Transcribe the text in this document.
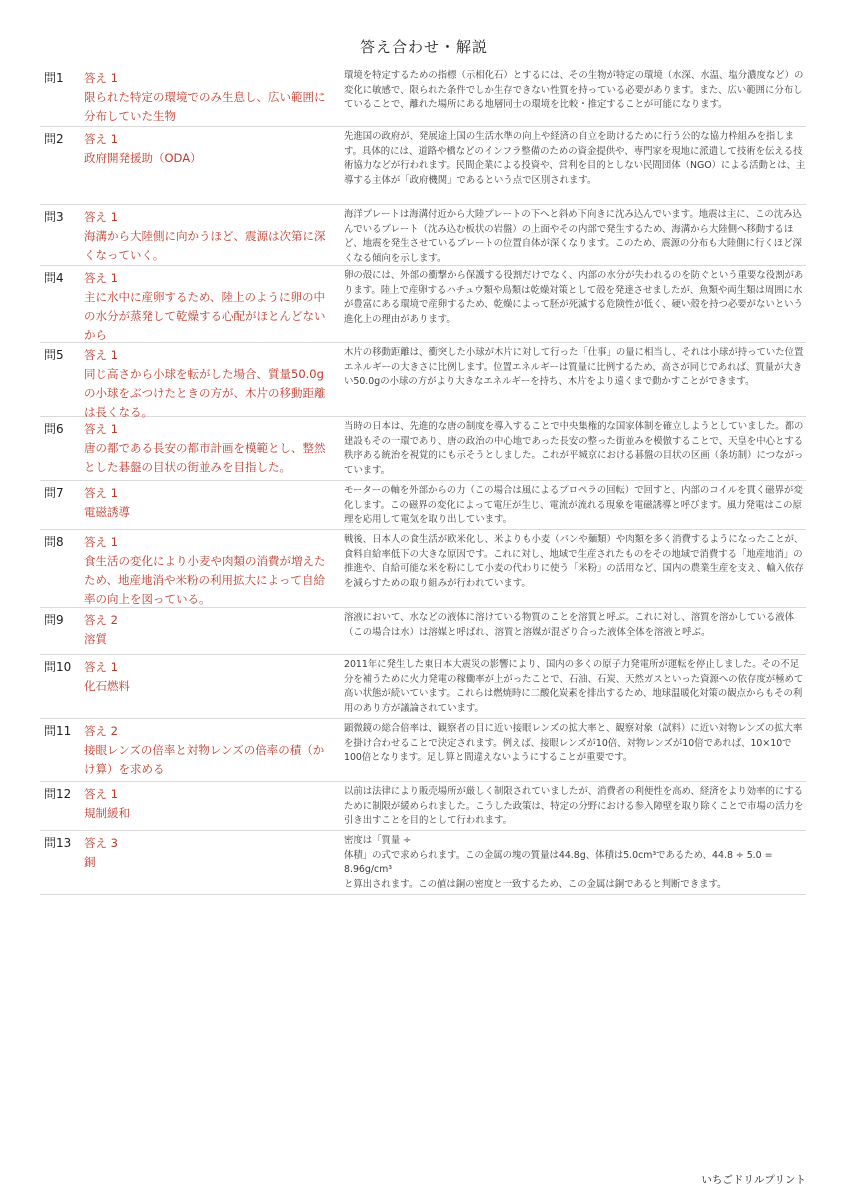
答え合わせ・解説
問1	答え 1
限られた特定の環境でのみ生息し、広い範囲に分布していた生物
環境を特定するための指標（示相化石）とするには、その生物が特定の環境（水深、水温、塩分濃度など）の変化に敏感で、限られた条件でしか生存できない性質を持っている必要があります。また、広い範囲に分布していることで、離れた場所にある地層同士の環境を比較・推定することが可能になります。
問2	答え 1
政府開発援助（ODA）
先進国の政府が、発展途上国の生活水準の向上や経済の自立を助けるために行う公的な協力枠組みを指します。具体的には、道路や橋などのインフラ整備のための資金提供や、専門家を現地に派遣して技術を伝える技術協力などが行われます。民間企業による投資や、営利を目的としない民間団体（NGO）による活動とは、主導する主体が「政府機関」であるという点で区別されます。
問3	答え 1
海溝から大陸側に向かうほど、震源は次第に深くなっていく。
海洋プレートは海溝付近から大陸プレートの下へと斜め下向きに沈み込んでいます。地震は主に、この沈み込んでいるプレート（沈み込む板状の岩盤）の上面やその内部で発生するため、海溝から大陸側へ移動するほど、地震を発生させているプレートの位置自体が深くなります。このため、震源の分布も大陸側に行くほど深くなる傾向を示します。
問4	答え 1
主に水中に産卵するため、陸上のように卵の中の水分が蒸発して乾燥する心配がほとんどないから
卵の殻には、外部の衝撃から保護する役割だけでなく、内部の水分が失われるのを防ぐという重要な役割があります。陸上で産卵するハチュウ類や鳥類は乾燥対策として殻を発達させましたが、魚類や両生類は周囲に水が豊富にある環境で産卵するため、乾燥によって胚が死滅する危険性が低く、硬い殻を持つ必要がないという進化上の理由があります。
問5	答え 1
同じ高さから小球を転がした場合、質量50.0gの小球をぶつけたときの方が、木片の移動距離は長くなる。
木片の移動距離は、衝突した小球が木片に対して行った「仕事」の量に相当し、それは小球が持っていた位置エネルギーの大きさに比例します。位置エネルギーは質量に比例するため、高さが同じであれば、質量が大きい50.0gの小球の方がより大きなエネルギーを持ち、木片をより遠くまで動かすことができます。
問6	答え 1
唐の都である長安の都市計画を模範とし、整然とした碁盤の目状の街並みを目指した。
当時の日本は、先進的な唐の制度を導入することで中央集権的な国家体制を確立しようとしていました。都の建設もその一環であり、唐の政治の中心地であった長安の整った街並みを模倣することで、天皇を中心とする秩序ある統治を視覚的にも示そうとしました。これが平城京における碁盤の目状の区画（条坊制）につながっています。
問7	答え 1
電磁誘導
モーターの軸を外部からの力（この場合は風によるプロペラの回転）で回すと、内部のコイルを貫く磁界が変化します。この磁界の変化によって電圧が生じ、電流が流れる現象を電磁誘導と呼びます。風力発電はこの原理を応用して電気を取り出しています。
問8	答え 1
食生活の変化により小麦や肉類の消費が増えたため、地産地消や米粉の利用拡大によって自給率の向上を図っている。
戦後、日本人の食生活が欧米化し、米よりも小麦（パンや麺類）や肉類を多く消費するようになったことが、食料自給率低下の大きな原因です。これに対し、地域で生産されたものをその地域で消費する「地産地消」の推進や、自給可能な米を粉にして小麦の代わりに使う「米粉」の活用など、国内の農業生産を支え、輸入依存を減らすための取り組みが行われています。
問9	答え 2
溶質
溶液において、水などの液体に溶けている物質のことを溶質と呼ぶ。これに対し、溶質を溶かしている液体（この場合は水）は溶媒と呼ばれ、溶質と溶媒が混ざり合った液体全体を溶液と呼ぶ。
問10	答え 1
化石燃料
2011年に発生した東日本大震災の影響により、国内の多くの原子力発電所が運転を停止しました。その不足分を補うために火力発電の稼働率が上がったことで、石油、石炭、天然ガスといった資源への依存度が極めて高い状態が続いています。これらは燃焼時に二酸化炭素を排出するため、地球温暖化対策の観点からもその利用のあり方が議論されています。
問11	答え 2
接眼レンズの倍率と対物レンズの倍率の積（かけ算）を求める
顕微鏡の総合倍率は、観察者の目に近い接眼レンズの拡大率と、観察対象（試料）に近い対物レンズの拡大率を掛け合わせることで決定されます。例えば、接眼レンズが10倍、対物レンズが10倍であれば、10×10で100倍となります。足し算と間違えないようにすることが重要です。
問12	答え 1
規制緩和
以前は法律により販売場所が厳しく制限されていましたが、消費者の利便性を高め、経済をより効率的にするために制限が緩められました。こうした政策は、特定の分野における参入障壁を取り除くことで市場の活力を引き出すことを目的として行われます。
問13	答え 3
銅
密度は「質量 ÷
体積」の式で求められます。この金属の塊の質量は44.8g、体積は5.0cm³であるため、44.8 ÷ 5.0 = 8.96g/cm³
と算出されます。この値は銅の密度と一致するため、この金属は銅であると判断できます。
いちごドリルプリント
